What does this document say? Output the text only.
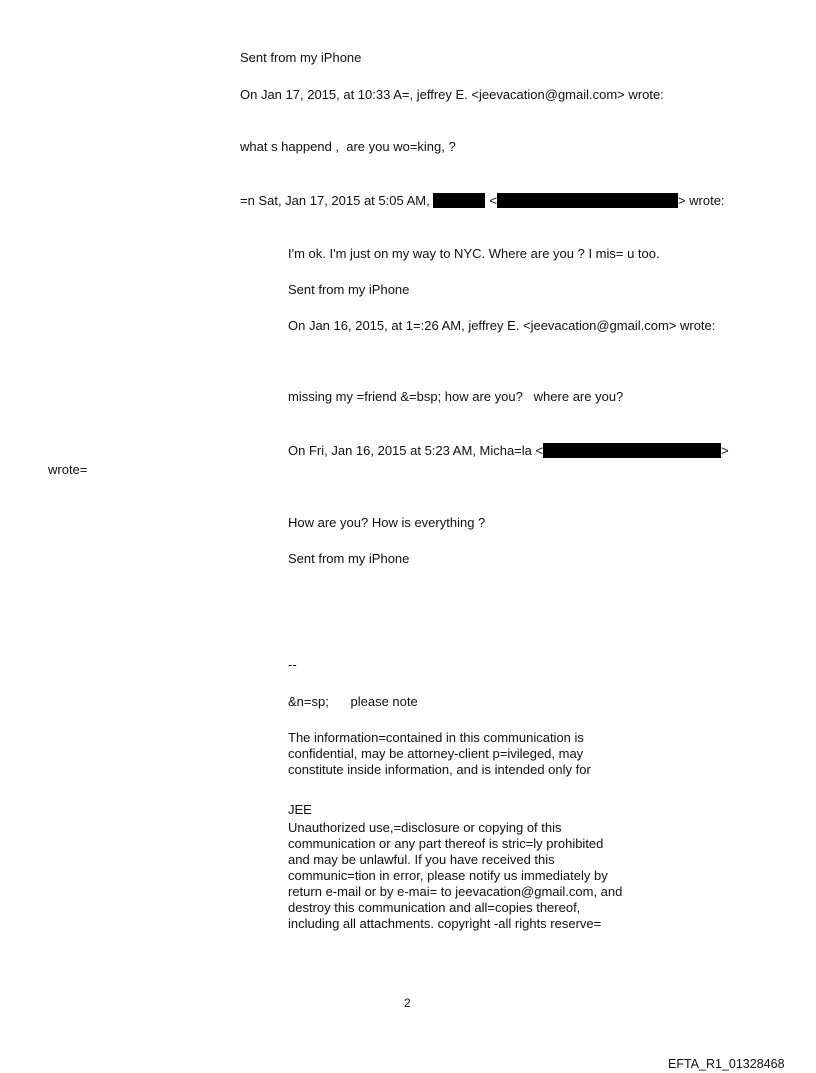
Sent from my iPhone
On Jan 17, 2015, at 10:33 A=, jeffrey E. <jeevacation@gmail.com> wrote:
what s happend ,  are you wo=king, ?
=n Sat, Jan 17, 2015 at 5:05 AM,	<	> wrote:
I'm ok. I'm just on my way to NYC. Where are you ? I mis= u too.
Sent from my iPhone
On Jan 16, 2015, at 1=:26 AM, jeffrey E. <jeevacation@gmail.com> wrote:
missing my =friend &=bsp; how are you?   where are you?
On Fri, Jan 16, 2015 at 5:23 AM, Micha=la <	>
wrote=
How are you? How is everything ?
Sent from my iPhone
--
&n=sp;      please note
The information=contained in this communication is
confidential, may be attorney-client p=ivileged, may
constitute inside information, and is intended only for
JEE
Unauthorized use,=disclosure or copying of this
communication or any part thereof is stric=ly prohibited
and may be unlawful. If you have received this
communic=tion in error, please notify us immediately by
return e-mail or by e-mai= to jeevacation@gmail.com, and
destroy this communication and all=copies thereof,
including all attachments. copyright -all rights reserve=
2
EFTA_R1_01328468
